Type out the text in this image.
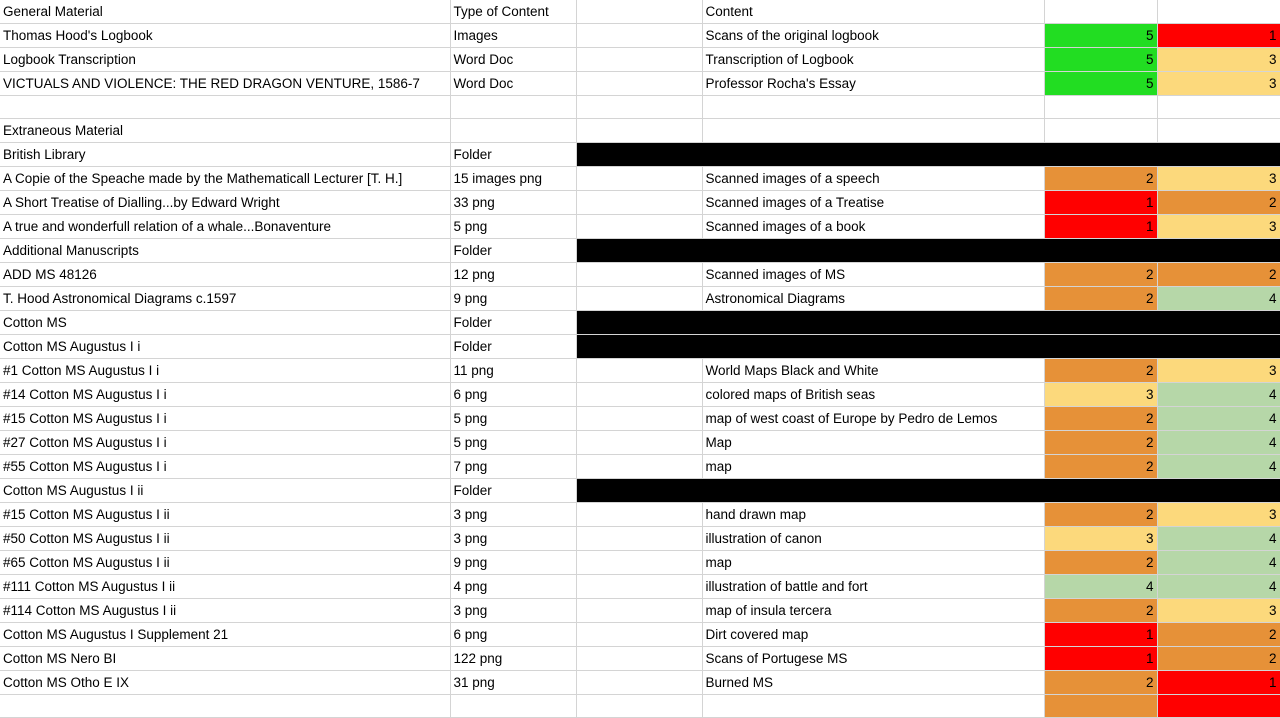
General Material	Type of Content		Content		
Thomas Hood's Logbook	Images		Scans of the original logbook	5	1
Logbook Transcription	Word Doc		Transcription of Logbook	5	3
VICTUALS AND VIOLENCE: THE RED DRAGON VENTURE, 1586-7	Word Doc		Professor Rocha's Essay	5	3

Extraneous Material					
British Library	Folder				
A Copie of the Speache made by the Mathematicall Lecturer [T. H.]	15 images png		Scanned images of a speech	2	3
A Short Treatise of Dialling...by Edward Wright	33 png		Scanned images of a Treatise	1	2
A true and wonderfull relation of a whale...Bonaventure	5 png		Scanned images of a book	1	3
Additional Manuscripts	Folder				
ADD MS 48126	12 png		Scanned images of MS	2	2
T. Hood Astronomical Diagrams c.1597	9 png		Astronomical Diagrams	2	4
Cotton MS	Folder				
Cotton MS Augustus I i	Folder				
#1 Cotton MS Augustus I i	11 png		World Maps Black and White	2	3
#14 Cotton MS Augustus I i	6 png		colored maps of British seas	3	4
#15 Cotton MS Augustus I i	5 png		map of west coast of Europe by Pedro de Lemos	2	4
#27 Cotton MS Augustus I i	5 png		Map	2	4
#55 Cotton MS Augustus I i	7 png		map	2	4
Cotton MS Augustus I ii	Folder				
#15 Cotton MS Augustus I ii	3 png		hand drawn map	2	3
#50 Cotton MS Augustus I ii	3 png		illustration of canon	3	4
#65 Cotton MS Augustus I ii	9 png		map	2	4
#111 Cotton MS Augustus I ii	4 png		illustration of battle and fort	4	4
#114 Cotton MS Augustus I ii	3 png		map of insula tercera	2	3
Cotton MS Augustus I Supplement 21	6 png		Dirt covered map	1	2
Cotton MS Nero BI	122 png		Scans of Portugese MS	1	2
Cotton MS Otho E IX	31 png		Burned MS	2	1
